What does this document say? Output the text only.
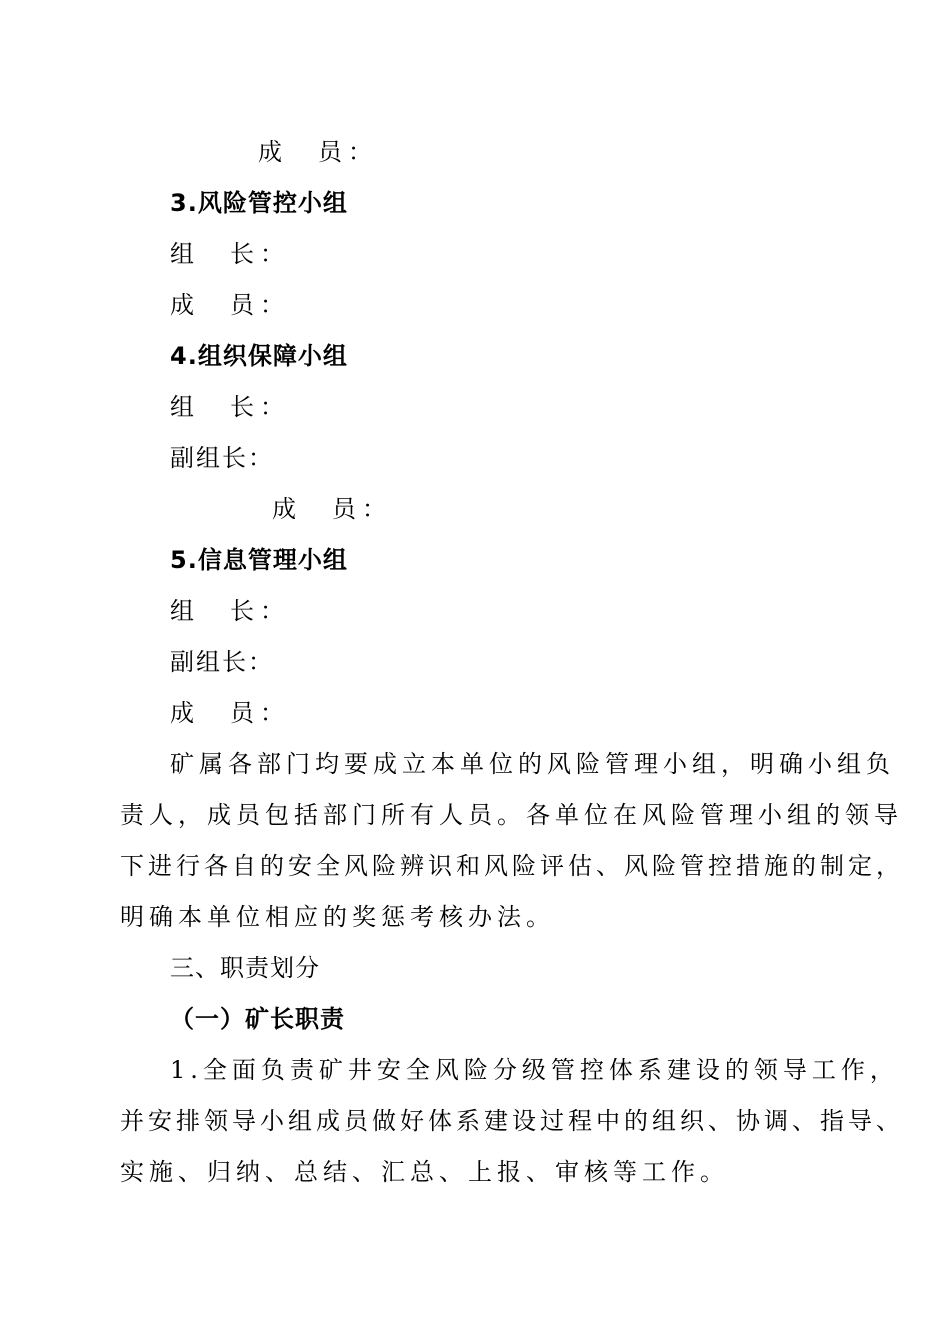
成　员：
3.风险管控小组
组　长：
成　员：
4.组织保障小组
组　长：
副组长：
成　员：
5.信息管理小组
组　长：
副组长：
成　员：
矿属各部门均要成立本单位的风险管理小组，明确小组负
责人，成员包括部门所有人员。各单位在风险管理小组的领导
下进行各自的安全风险辨识和风险评估、风险管控措施的制定，
明确本单位相应的奖惩考核办法。
三、职责划分
（一）矿长职责
1.全面负责矿井安全风险分级管控体系建设的领导工作，
并安排领导小组成员做好体系建设过程中的组织、协调、指导、
实施、归纳、总结、汇总、上报、审核等工作。
